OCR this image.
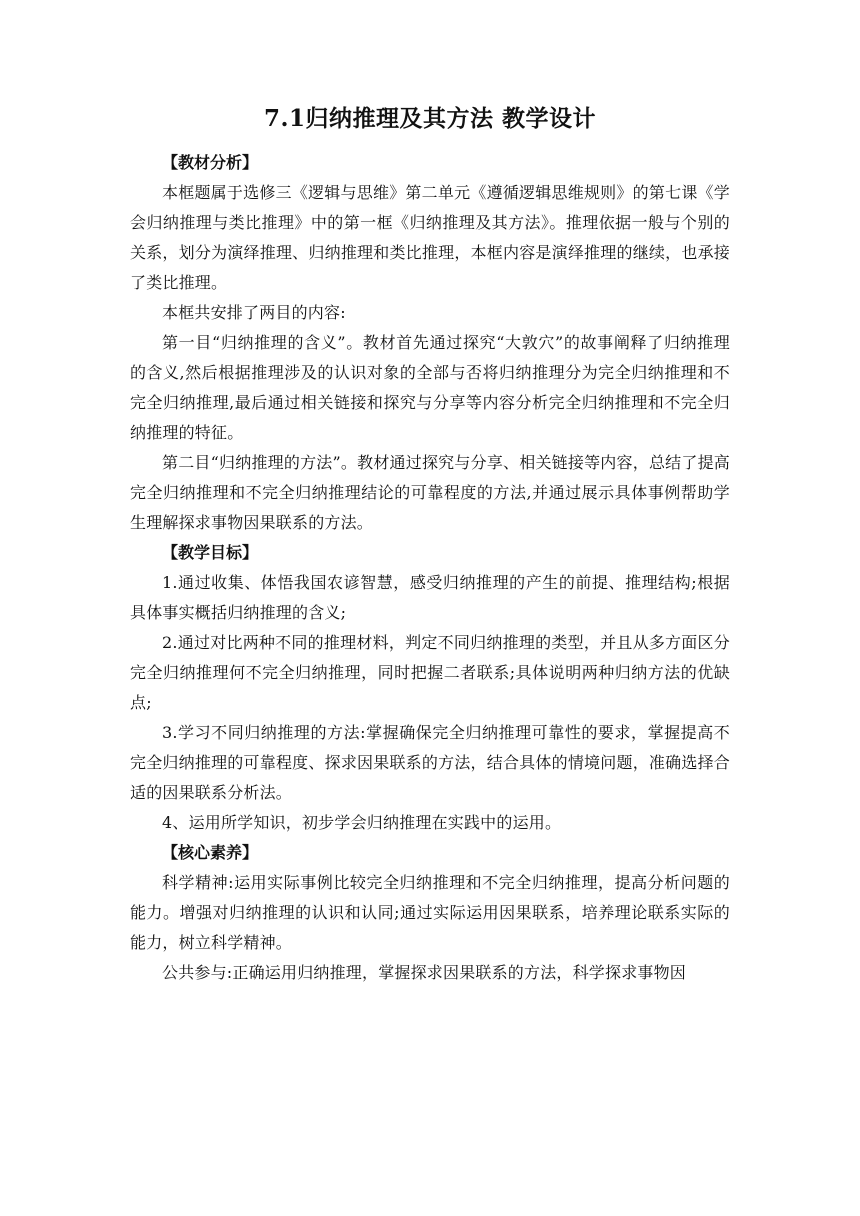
7.1归纳推理及其方法 教学设计
【教材分析】

本框题属于选修三《逻辑与思维》第二单元《遵循逻辑思维规则》的第七课《学会归纳推理与类比推理》中的第一框《归纳推理及其方法》。推理依据一般与个别的关系，划分为演绎推理、归纳推理和类比推理，本框内容是演绎推理的继续，也承接了类比推理。

本框共安排了两目的内容:

第一目“归纳推理的含义”。教材首先通过探究“大敦穴”的故事阐释了归纳推理的含义,然后根据推理涉及的认识对象的全部与否将归纳推理分为完全归纳推理和不完全归纳推理,最后通过相关链接和探究与分享等内容分析完全归纳推理和不完全归纳推理的特征。

第二目“归纳推理的方法”。教材通过探究与分享、相关链接等内容，总结了提高完全归纳推理和不完全归纳推理结论的可靠程度的方法,并通过展示具体事例帮助学生理解探求事物因果联系的方法。

【教学目标】

1.通过收集、体悟我国农谚智慧，感受归纳推理的产生的前提、推理结构;根据具体事实概括归纳推理的含义;

2.通过对比两种不同的推理材料，判定不同归纳推理的类型，并且从多方面区分完全归纳推理何不完全归纳推理，同时把握二者联系;具体说明两种归纳方法的优缺点;

3.学习不同归纳推理的方法:掌握确保完全归纳推理可靠性的要求，掌握提高不完全归纳推理的可靠程度、探求因果联系的方法，结合具体的情境问题，准确选择合适的因果联系分析法。

4、运用所学知识，初步学会归纳推理在实践中的运用。

【核心素养】

科学精神:运用实际事例比较完全归纳推理和不完全归纳推理，提高分析问题的能力。增强对归纳推理的认识和认同;通过实际运用因果联系，培养理论联系实际的能力，树立科学精神。

公共参与:正确运用归纳推理，掌握探求因果联系的方法，科学探求事物因
